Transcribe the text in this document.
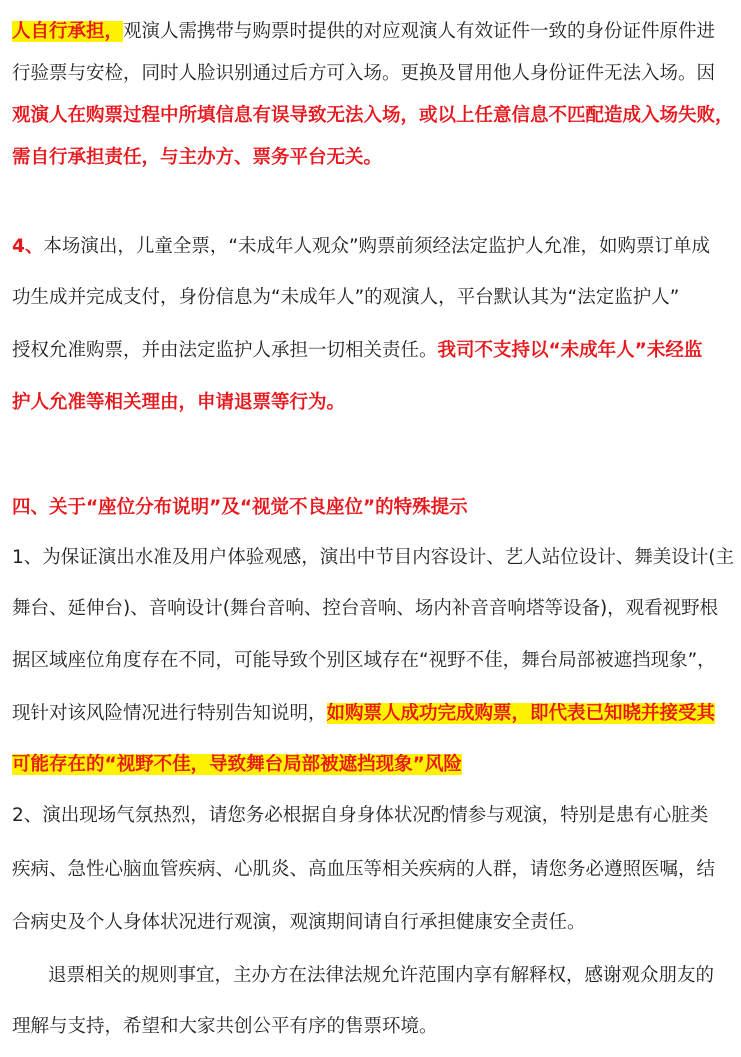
人自行承担，观演人需携带与购票时提供的对应观演人有效证件一致的身份证件原件进
行验票与安检，同时人脸识别通过后方可入场。更换及冒用他人身份证件无法入场。因
观演人在购票过程中所填信息有误导致无法入场，或以上任意信息不匹配造成入场失败，
需自行承担责任，与主办方、票务平台无关。
4、本场演出，儿童全票，“未成年人观众”购票前须经法定监护人允准，如购票订单成
功生成并完成支付，身份信息为“未成年人”的观演人，平台默认其为“法定监护人”
授权允准购票，并由法定监护人承担一切相关责任。我司不支持以“未成年人”未经监
护人允准等相关理由，申请退票等行为。
四、关于“座位分布说明”及“视觉不良座位”的特殊提示
1、为保证演出水准及用户体验观感，演出中节目内容设计、艺人站位设计、舞美设计(主
舞台、延伸台)、音响设计(舞台音响、控台音响、场内补音音响塔等设备)，观看视野根
据区域座位角度存在不同，可能导致个别区域存在“视野不佳，舞台局部被遮挡现象”，
现针对该风险情况进行特别告知说明，如购票人成功完成购票，即代表已知晓并接受其
可能存在的“视野不佳，导致舞台局部被遮挡现象”风险
2、演出现场气氛热烈，请您务必根据自身身体状况酌情参与观演，特别是患有心脏类
疾病、急性心脑血管疾病、心肌炎、高血压等相关疾病的人群，请您务必遵照医嘱，结
合病史及个人身体状况进行观演，观演期间请自行承担健康安全责任。
退票相关的规则事宜，主办方在法律法规允许范围内享有解释权，感谢观众朋友的
理解与支持，希望和大家共创公平有序的售票环境。
